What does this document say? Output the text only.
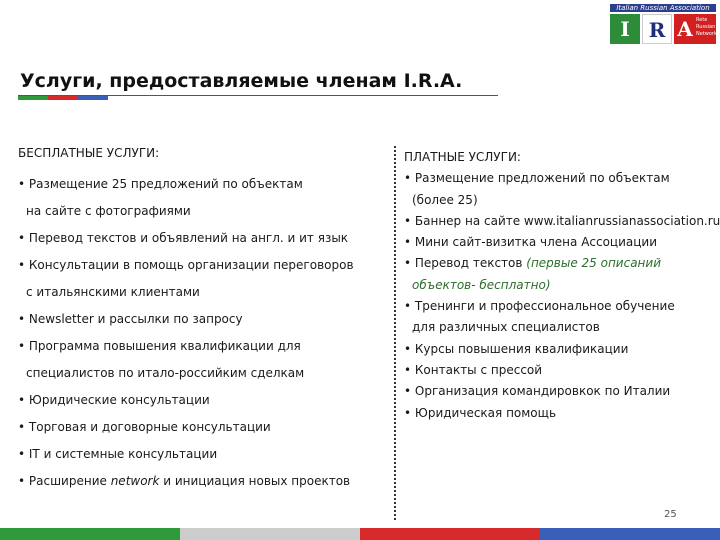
Italian Russian Association
I R A Rete Russian Network
Услуги, предоставляемые членам I.R.A.
БЕСПЛАТНЫЕ УСЛУГИ:
• Размещение 25 предложений по объектам
на сайте с фотографиями
• Перевод текстов и объявлений на англ. и ит язык
• Консультации в помощь организации переговоров
с итальянскими клиентами
• Newsletter и рассылки по запросу
• Программа повышения квалификации для
специалистов по итало-российким сделкам
• Юридические консультации
• Торговая и договорные консультации
• IT и системные консультации
• Расширение network и инициация новых проектов
ПЛАТНЫЕ УСЛУГИ:
• Размещение предложений по объектам
(более 25)
• Баннер на сайте www.italianrussianassociation.ru
• Мини сайт-визитка члена Ассоциации
• Перевод текстов (первые 25 описаний
объектов- бесплатно)
• Тренинги и профессиональное обучение
для различных специалистов
• Курсы повышения квалификации
• Контакты с прессой
• Организация командировкок по Италии
• Юридическая помощь
25
